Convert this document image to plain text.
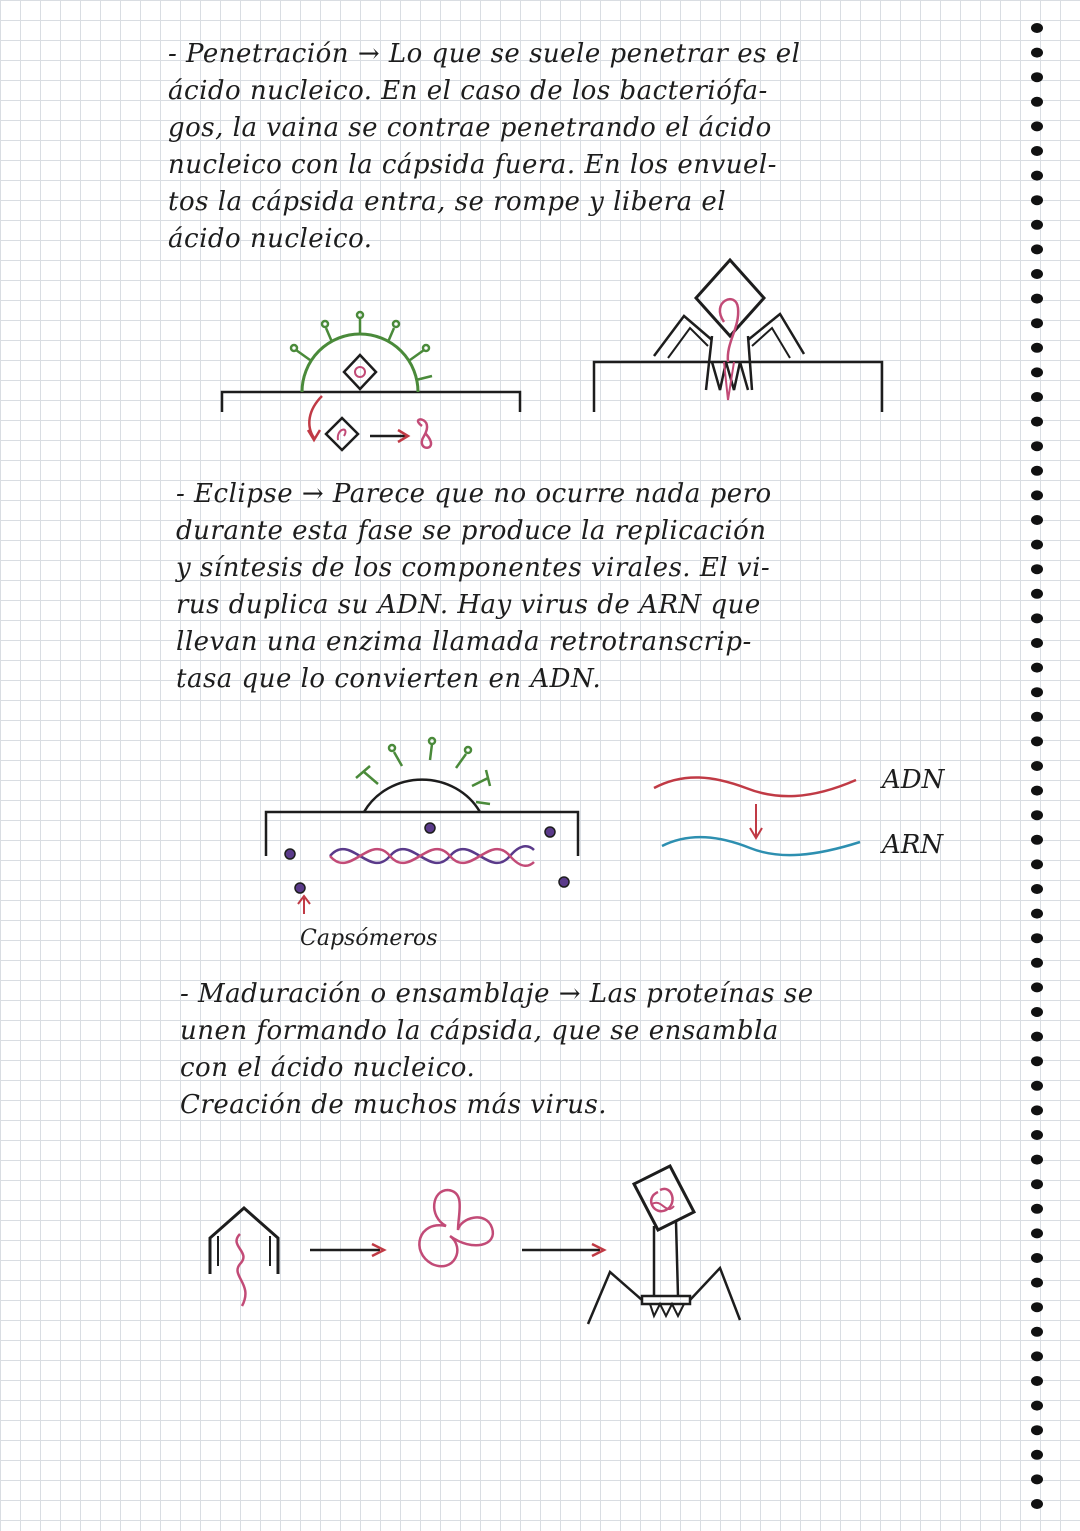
- Penetración → Lo que se suele penetrar es el
ácido nucleico. En el caso de los bacteriófa-
gos, la vaina se contrae penetrando el ácido
nucleico con la cápsida fuera. En los envuel-
tos la cápsida entra, se rompe y libera el
ácido nucleico.
- Eclipse → Parece que no ocurre nada pero
durante esta fase se produce la replicación
y síntesis de los componentes virales. El vi-
rus duplica su ADN. Hay virus de ARN que
llevan una enzima llamada retrotranscrip-
tasa que lo convierten en ADN.
ADN
ARN
Capsómeros
- Maduración o ensamblaje → Las proteínas se
unen formando la cápsida, que se ensambla
con el ácido nucleico.
Creación de muchos más virus.
